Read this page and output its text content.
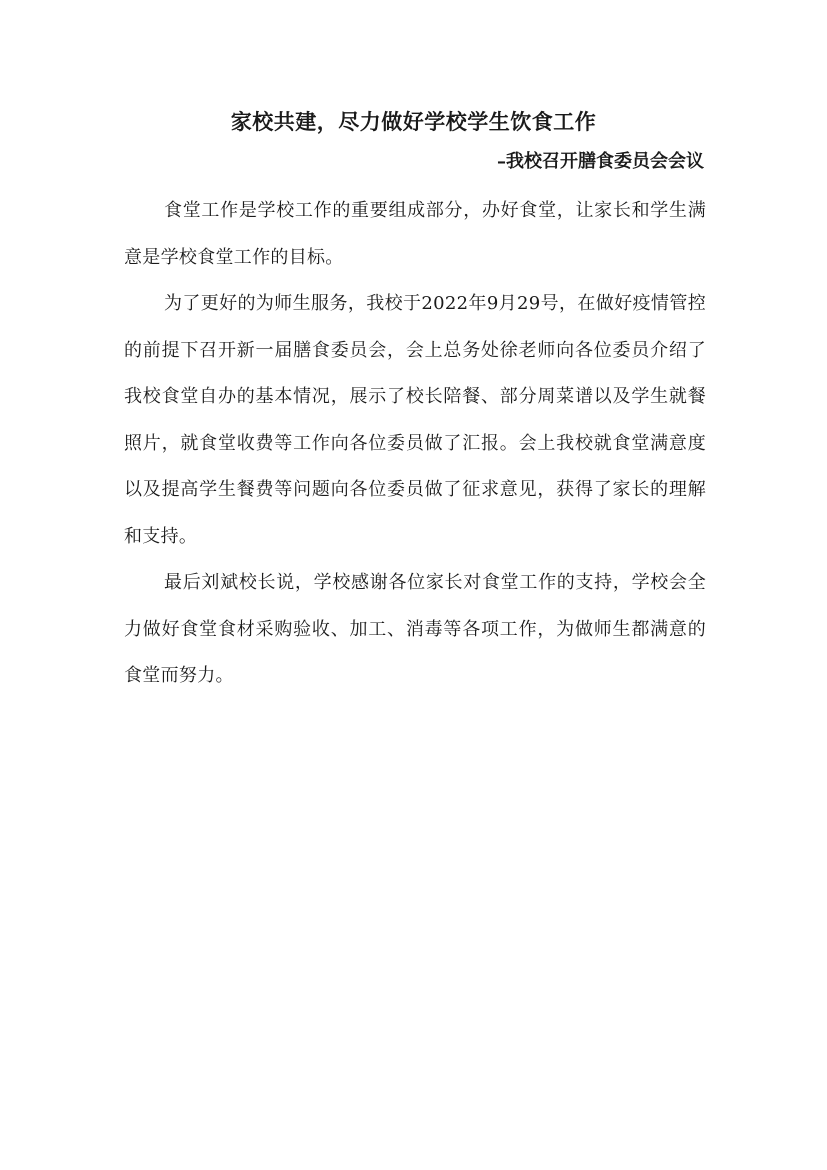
家校共建，尽力做好学校学生饮食工作
–我校召开膳食委员会会议

食堂工作是学校工作的重要组成部分，办好食堂，让家长和学生满意是学校食堂工作的目标。

为了更好的为师生服务，我校于2022年9月29号，在做好疫情管控的前提下召开新一届膳食委员会，会上总务处徐老师向各位委员介绍了我校食堂自办的基本情况，展示了校长陪餐、部分周菜谱以及学生就餐照片，就食堂收费等工作向各位委员做了汇报。会上我校就食堂满意度以及提高学生餐费等问题向各位委员做了征求意见，获得了家长的理解和支持。

最后刘斌校长说，学校感谢各位家长对食堂工作的支持，学校会全力做好食堂食材采购验收、加工、消毒等各项工作，为做师生都满意的食堂而努力。
